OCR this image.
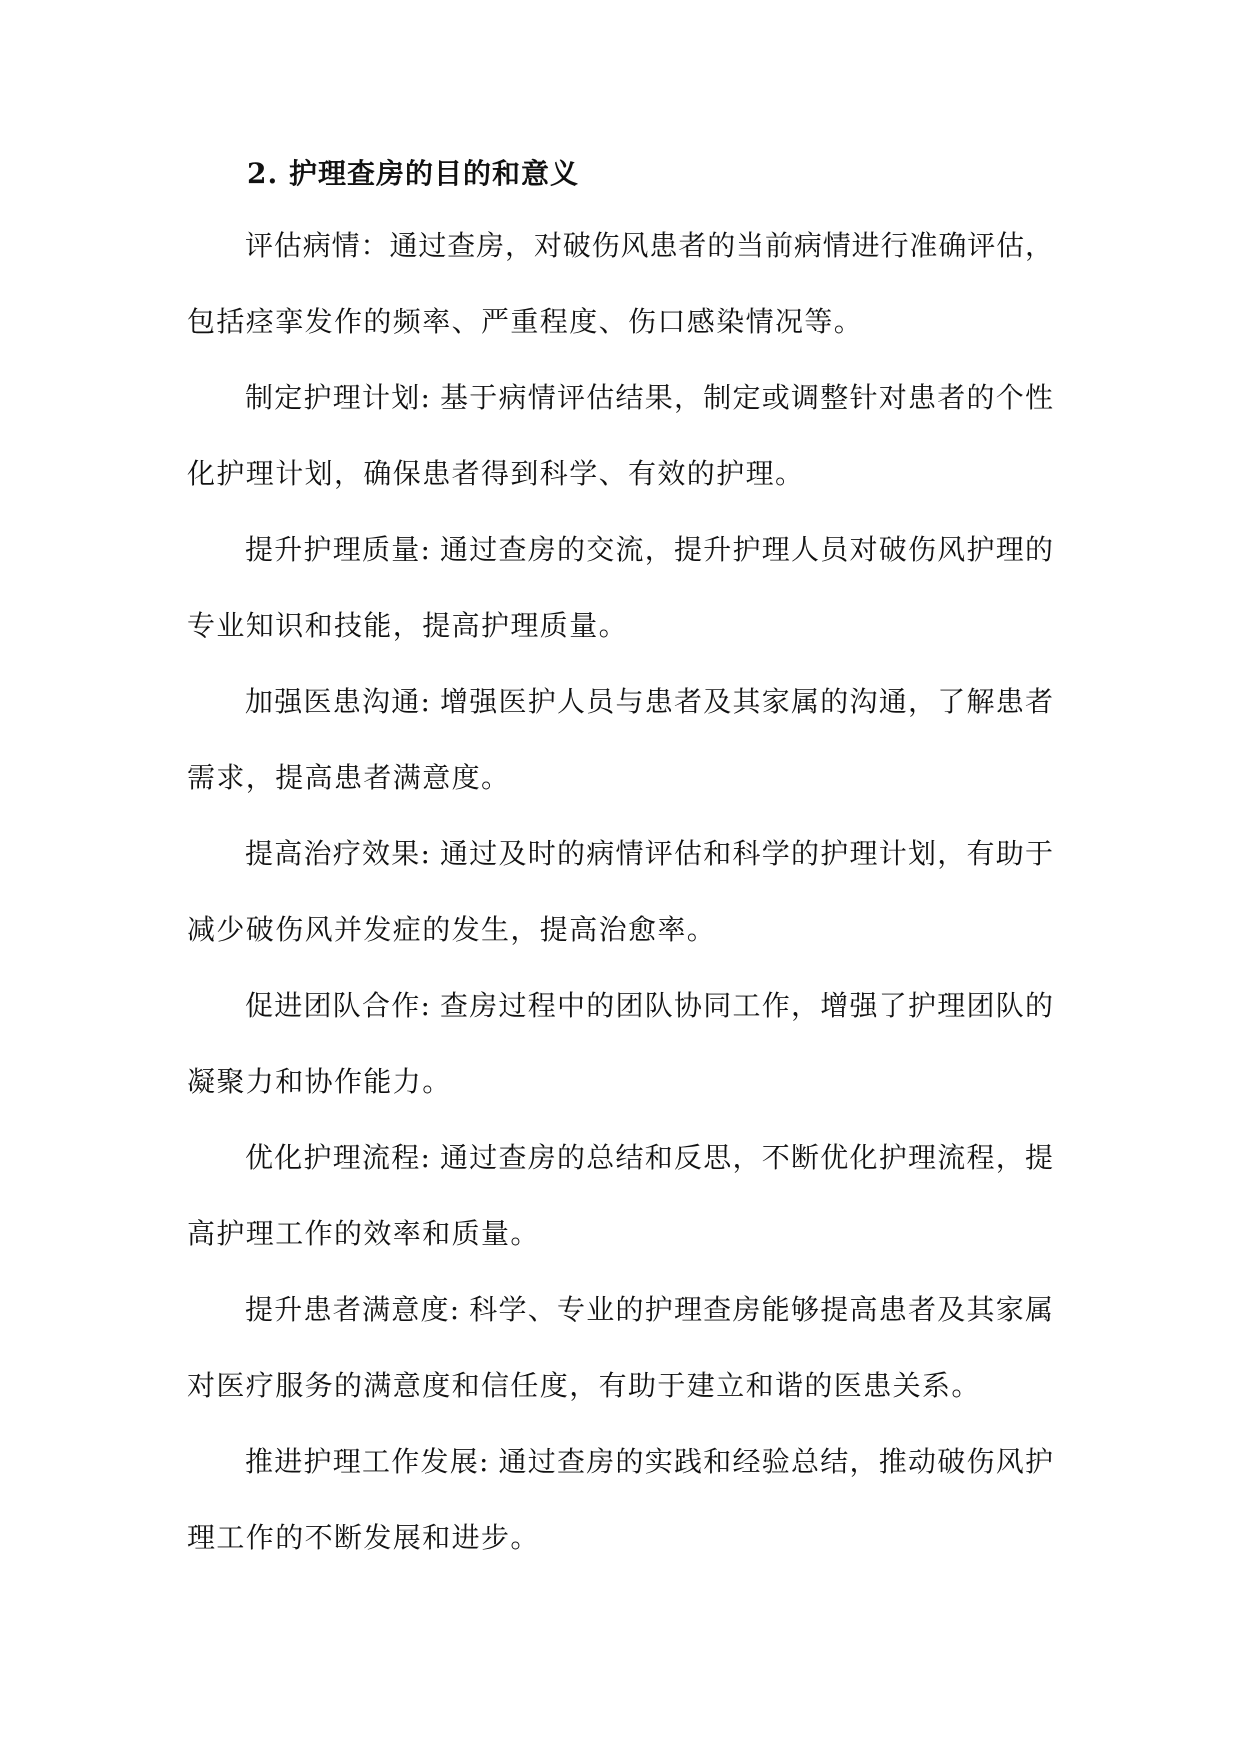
2. 护理查房的目的和意义
评估病情：通过查房，对破伤风患者的当前病情进行准确评估，
包括痉挛发作的频率、严重程度、伤口感染情况等。
制定护理计划: 基于病情评估结果，制定或调整针对患者的个性
化护理计划，确保患者得到科学、有效的护理。
提升护理质量: 通过查房的交流，提升护理人员对破伤风护理的
专业知识和技能，提高护理质量。
加强医患沟通: 增强医护人员与患者及其家属的沟通，了解患者
需求，提高患者满意度。
提高治疗效果: 通过及时的病情评估和科学的护理计划，有助于
减少破伤风并发症的发生，提高治愈率。
促进团队合作: 查房过程中的团队协同工作，增强了护理团队的
凝聚力和协作能力。
优化护理流程: 通过查房的总结和反思，不断优化护理流程，提
高护理工作的效率和质量。
提升患者满意度: 科学、专业的护理查房能够提高患者及其家属
对医疗服务的满意度和信任度，有助于建立和谐的医患关系。
推进护理工作发展: 通过查房的实践和经验总结，推动破伤风护
理工作的不断发展和进步。
